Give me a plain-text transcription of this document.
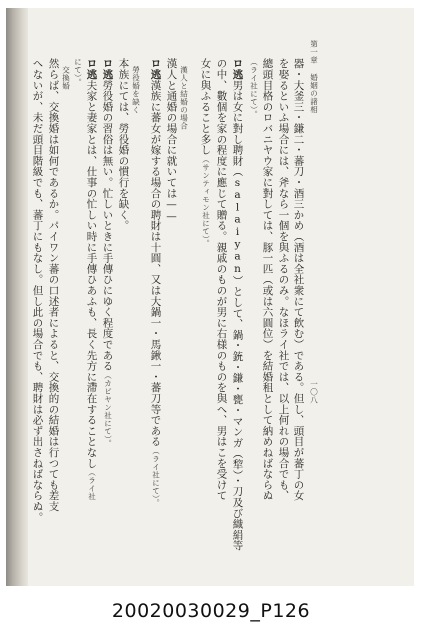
器・大釜三・鎌二・蕃刀・酒三かめ（酒は全社衆にて飲む）である。但し、頭目が蕃丁の女
を娶るといふ場合には、斧なら一個を與ふるのみ。なほライ社では、以上何れの場合でも、
總頭目格のロバニヤウ家に對しては、豚一匹（或は六圓位）を結婚租として納めねばならぬ
（ライ社にて）。
ロ逃男は女に對し聘財（salaiyan）として、鍋・銃・鎌・甕・マンガ（犂）・刀及び織絹等
の中、數個を家の程度に應じて贈る。親戚のものが男に右様のものを與へ、男はこを受けて
女に與ふること多し（サンティモン社にて）。
漢人と結婚の場合
漢人と通婚の場合に就いては——
ロ逃漢族に蕃女が嫁する場合の聘財は十圓、又は大鍋一・馬鍬一・蕃刀等である（ライ社にて）。
勞役婚を缺く
本族にては、勞役婚の慣行を缺く。
ロ逃勞役婚の習俗は無い。忙しいときに手傳ひにゆく程度である（カピヤン社にて）。
ロ逃夫家と妻家とは、仕事の忙しい時に手傳ひあふも、長く先方に滯在することなし（ライ社
にて）。
交換婚
然らば、交換婚は如何であるか。パイワン蕃の口述者によると、交換的の結婚は行つても差支
へないが、未だ頭目階級でも、蕃丁にもなし。但し此の場合でも、聘財は必ず出さねばならぬ。	第一章 婚姻の諸相
一〇八
20020030029_P126
